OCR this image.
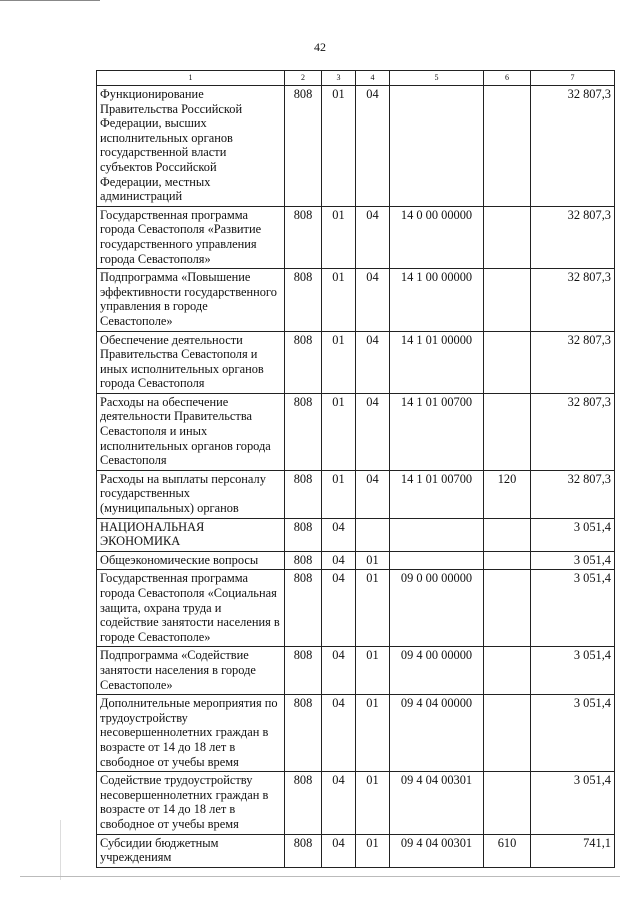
42
1	2	3	4	5	6	7
Функционирование Правительства Российской Федерации, высших исполнительных органов государственной власти субъектов Российской Федерации, местных администраций	808	01	04			32 807,3
Государственная программа города Севастополя «Развитие государственного управления города Севастополя»	808	01	04	14 0 00 00000		32 807,3
Подпрограмма «Повышение эффективности государственного управления в городе Севастополе»	808	01	04	14 1 00 00000		32 807,3
Обеспечение деятельности Правительства Севастополя и иных исполнительных органов города Севастополя	808	01	04	14 1 01 00000		32 807,3
Расходы на обеспечение деятельности Правительства Севастополя и иных исполнительных органов города Севастополя	808	01	04	14 1 01 00700		32 807,3
Расходы на выплаты персоналу государственных (муниципальных) органов	808	01	04	14 1 01 00700	120	32 807,3
НАЦИОНАЛЬНАЯ ЭКОНОМИКА	808	04				3 051,4
Общеэкономические вопросы	808	04	01			3 051,4
Государственная программа города Севастополя «Социальная защита, охрана труда и содействие занятости населения в городе Севастополе»	808	04	01	09 0 00 00000		3 051,4
Подпрограмма «Содействие занятости населения в городе Севастополе»	808	04	01	09 4 00 00000		3 051,4
Дополнительные мероприятия по трудоустройству несовершеннолетних граждан в возрасте от 14 до 18 лет в свободное от учебы время	808	04	01	09 4 04 00000		3 051,4
Содействие трудоустройству несовершеннолетних граждан в возрасте от 14 до 18 лет в свободное от учебы время	808	04	01	09 4 04 00301		3 051,4
Субсидии бюджетным учреждениям	808	04	01	09 4 04 00301	610	741,1
